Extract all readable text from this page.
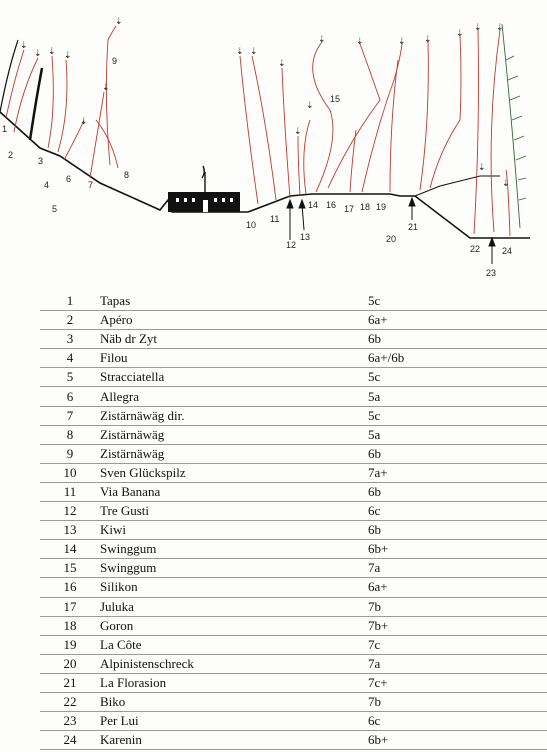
⇣
⇣
⇣ ⇣ ⇣
⇣
⇣
⇣ ⇣
⇣
⇣
⇣
⇣	⇣	⇣ ⇣
⇣
⇣ ⇣
⇣
⇣
1
2
3
4
5
6
7
8
9
10
11
12
13
14
15
16 17 18 19
20
21
22
23
24
1	Tapas	5c
2	Apéro	6a+
3	Näb dr Zyt	6b
4	Filou	6a+/6b
5	Stracciatella	5c
6	Allegra	5a
7	Zistärnäwäg dir.	5c
8	Zistärnäwäg	5a
9	Zistärnäwäg	6b
10	Sven Glückspilz	7a+
11	Via Banana	6b
12	Tre Gusti	6c
13	Kiwi	6b
14	Swinggum	6b+
15	Swinggum	7a
16	Silikon	6a+
17	Juluka	7b
18	Goron	7b+
19	La Côte	7c
20	Alpinistenschreck	7a
21	La Florasion	7c+
22	Biko	7b
23	Per Lui	6c
24	Karenin	6b+
